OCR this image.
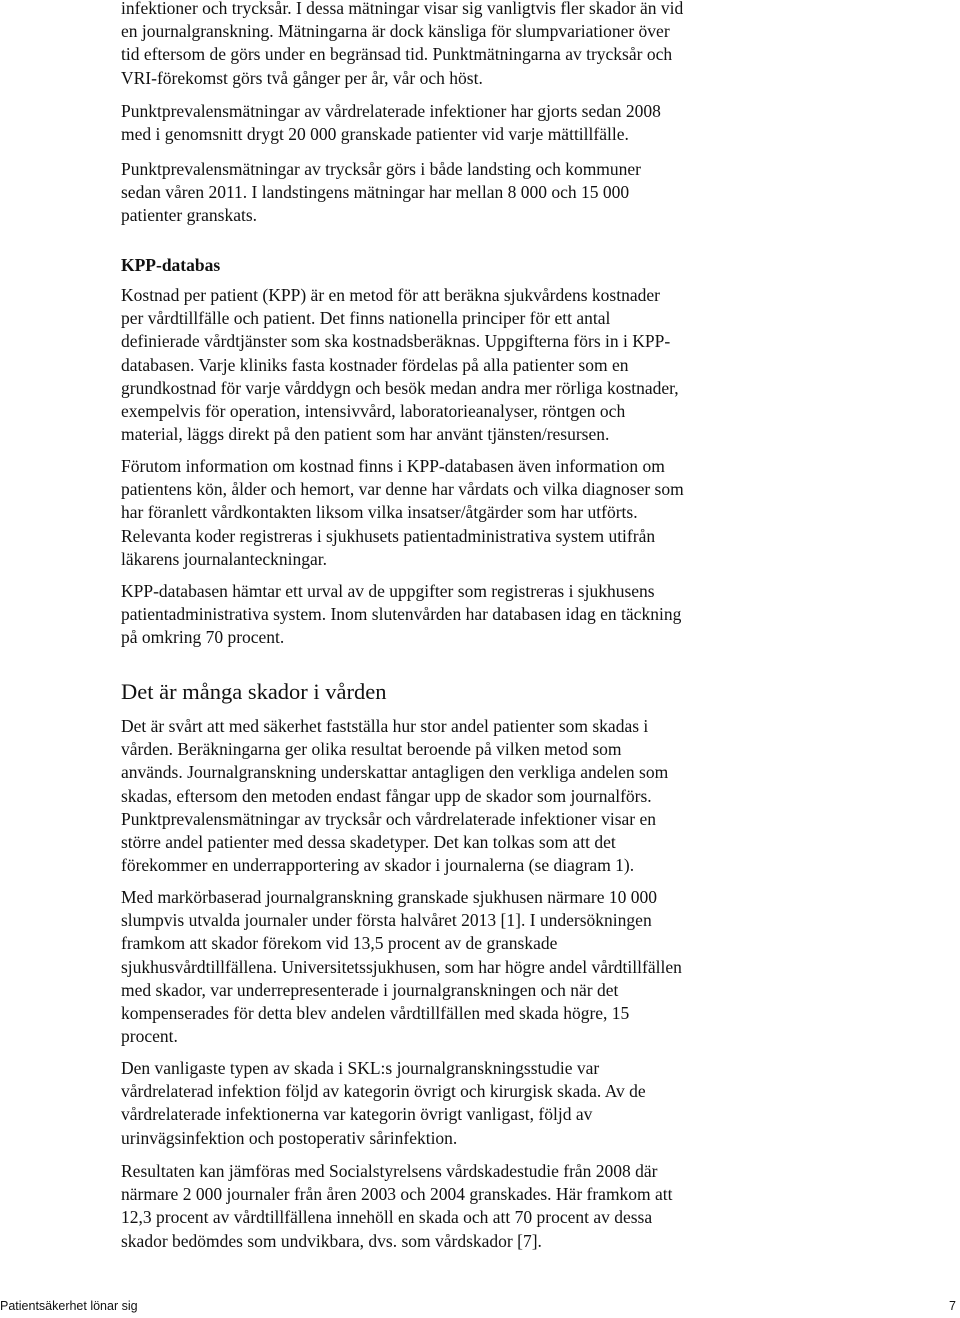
infektioner och trycksår. I dessa mätningar visar sig vanligtvis fler skador än vid
en journalgranskning. Mätningarna är dock känsliga för slumpvariationer över
tid eftersom de görs under en begränsad tid. Punktmätningarna av trycksår och
VRI-förekomst görs två gånger per år, vår och höst.

Punktprevalensmätningar av vårdrelaterade infektioner har gjorts sedan 2008
med i genomsnitt drygt 20 000 granskade patienter vid varje mättillfälle.

Punktprevalensmätningar av trycksår görs i både landsting och kommuner
sedan våren 2011. I landstingens mätningar har mellan 8 000 och 15 000
patienter granskats.

KPP-databas

Kostnad per patient (KPP) är en metod för att beräkna sjukvårdens kostnader
per vårdtillfälle och patient. Det finns nationella principer för ett antal
definierade vårdtjänster som ska kostnadsberäknas. Uppgifterna förs in i KPP-
databasen. Varje kliniks fasta kostnader fördelas på alla patienter som en
grundkostnad för varje vårddygn och besök medan andra mer rörliga kostnader,
exempelvis för operation, intensivvård, laboratorieanalyser, röntgen och
material, läggs direkt på den patient som har använt tjänsten/resursen.

Förutom information om kostnad finns i KPP-databasen även information om
patientens kön, ålder och hemort, var denne har vårdats och vilka diagnoser som
har föranlett vårdkontakten liksom vilka insatser/åtgärder som har utförts.
Relevanta koder registreras i sjukhusets patientadministrativa system utifrån
läkarens journalanteckningar.

KPP-databasen hämtar ett urval av de uppgifter som registreras i sjukhusens
patientadministrativa system. Inom slutenvården har databasen idag en täckning
på omkring 70 procent.

Det är många skador i vården

Det är svårt att med säkerhet fastställa hur stor andel patienter som skadas i
vården. Beräkningarna ger olika resultat beroende på vilken metod som
används. Journalgranskning underskattar antagligen den verkliga andelen som
skadas, eftersom den metoden endast fångar upp de skador som journalförs.
Punktprevalensmätningar av trycksår och vårdrelaterade infektioner visar en
större andel patienter med dessa skadetyper. Det kan tolkas som att det
förekommer en underrapportering av skador i journalerna (se diagram 1).

Med markörbaserad journalgranskning granskade sjukhusen närmare 10 000
slumpvis utvalda journaler under första halvåret 2013 [1]. I undersökningen
framkom att skador förekom vid 13,5 procent av de granskade
sjukhusvårdtillfällena. Universitetssjukhusen, som har högre andel vårdtillfällen
med skador, var underrepresenterade i journalgranskningen och när det
kompenserades för detta blev andelen vårdtillfällen med skada högre, 15
procent.

Den vanligaste typen av skada i SKL:s journalgranskningsstudie var
vårdrelaterad infektion följd av kategorin övrigt och kirurgisk skada. Av de
vårdrelaterade infektionerna var kategorin övrigt vanligast, följd av
urinvägsinfektion och postoperativ sårinfektion.

Resultaten kan jämföras med Socialstyrelsens vårdskadestudie från 2008 där
närmare 2 000 journaler från åren 2003 och 2004 granskades. Här framkom att
12,3 procent av vårdtillfällena innehöll en skada och att 70 procent av dessa
skador bedömdes som undvikbara, dvs. som vårdskador [7].

Patientsäkerhet lönar sig	7
